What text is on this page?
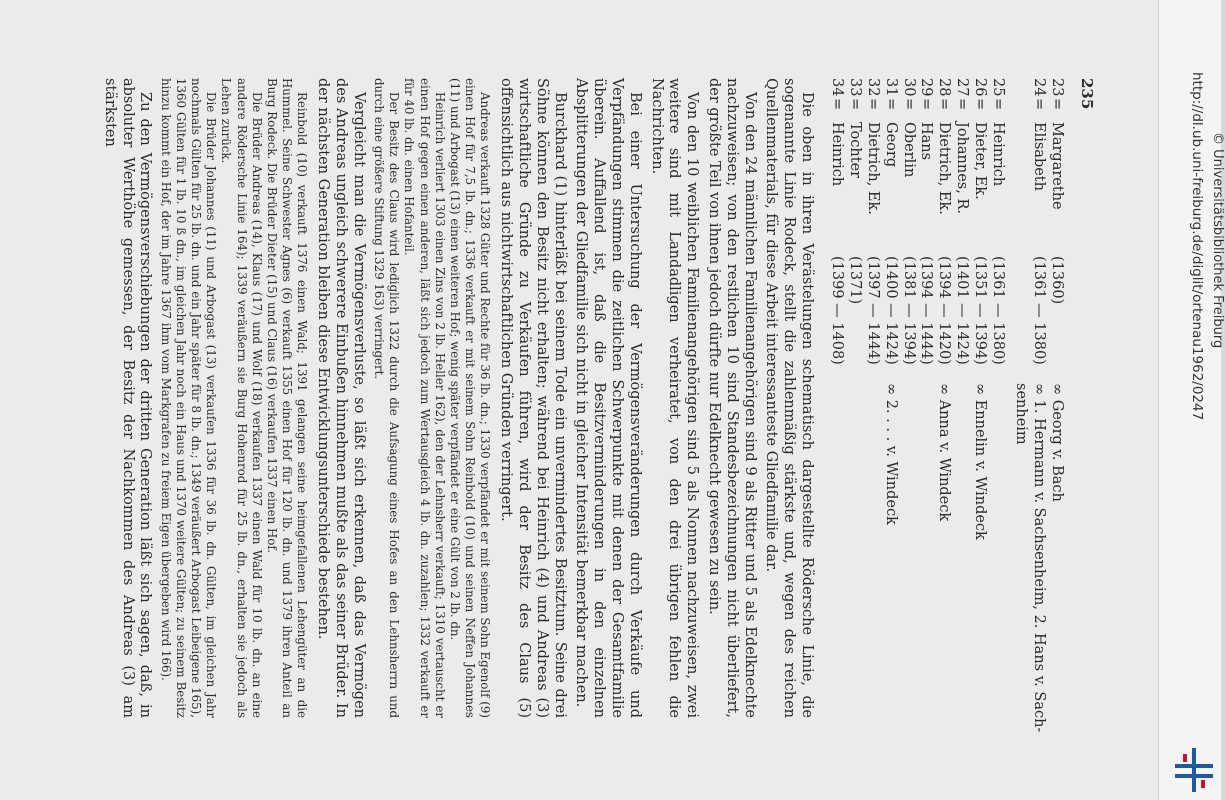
235
23
=
Margarethe
(1360)
∞ Georg v. Bach
24
=
Elisabeth
(1361 — 1380)
∞ 1. Hermann v. Sachsenheim, 2. Hans v. Sach-
senheim
25
=
Heinrich
(1361 — 1380)
26
=
Dieter, Ek.
(1351 — 1394)
∞ Ennelin v. Windeck
27
=
Johannes, R.
(1401 — 1424)
28
=
Dietrich, Ek.
(1394 — 1420)
∞ Anna v. Windeck
29
=
Hans
(1394 — 1444)
30
=
Oberlin
(1381 — 1394)
31
=
Georg
(1400 — 1424)
∞ 2. . . . v. Windeck
32
=
Dietrich, Ek.
(1397 — 1444)
33
=
Tochter
(1371)
34
=
Heinrich
(1399 — 1408)

Die oben in ihren Verästelungen schematisch dargestellte Rödersche Linie, die sogenannte Linie Rodeck, stellt die zahlenmäßig stärkste und, wegen des reichen Quellenmaterials, für diese Arbeit interessanteste Gliedfamilie dar.

Von den 24 männlichen Familienangehörigen sind 9 als Ritter und 5 als Edelknechte nachzuweisen; von den restlichen 10 sind Standesbezeichnungen nicht überliefert, der größte Teil von ihnen jedoch dürfte nur Edelknecht gewesen zu sein.

Von den 10 weiblichen Familienangehörigen sind 5 als Nonnen nachzuweisen, zwei weitere sind mit Landadligen verheiratet, von den drei übrigen fehlen die Nachrichten.

Bei einer Untersuchung der Vermögensveränderungen durch Verkäufe und Verpfändungen stimmen die zeitlichen Schwerpunkte mit denen der Gesamtfamilie überein. Auffallend ist, daß die Besitzverminderungen in den einzelnen Absplitterungen der Gliedfamilie sich nicht in gleicher Intensität bemerkbar machen.

Burckhard (1) hinterläßt bei seinem Tode ein unvermindertes Besitztum. Seine drei Söhne können den Besitz nicht erhalten; während bei Heinrich (4) und Andreas (3) wirtschaftliche Gründe zu Verkäufen führen, wird der Besitz des Claus (5) offensichtlich aus nichtwirtschaftlichen Gründen verringert.

Andreas verkauft 1328 Güter und Rechte für 36 lb. dn.; 1330 verpfändet er mit seinem Sohn Egenolf (9) einen Hof für 7,5 lb. dn.; 1336 verkauft er mit seinem Sohn Reinbold (10) und seinen Neffen Johannes (11) und Arbogast (13) einen weiteren Hof; wenig später verpfändet er eine Gült von 2 lb. dn.

Heinrich verliert 1303 einen Zins von 2 lb. Heller 162), den der Lehnsherr verkauft; 1310 vertauscht er einen Hof gegen einen anderen, läßt sich jedoch zum Wertausgleich 4 lb. dn. zuzahlen; 1332 verkauft er für 40 lb. dn. einen Hofanteil.

Der Besitz des Claus wird lediglich 1322 durch die Aufsagung eines Hofes an den Lehnsherrn und durch eine größere Stiftung 1329 163) verringert.

Vergleicht man die Vermögensverluste, so läßt sich erkennen, daß das Vermögen des Andreas ungleich schwerere Einbußen hinnehmen mußte als das seiner Brüder. In der nächsten Generation bleiben diese Entwicklungsunterschiede bestehen.

Reinbold (10) verkauft 1376 einen Wald; 1391 gelangen seine heimgefallenen Lehengüter an die Hummel. Seine Schwester Agnes (6) verkauft 1355 einen Hof für 120 lb. dn. und 1379 ihren Anteil an Burg Rodeck. Die Brüder Dieter (15) und Claus (16) verkaufen 1337 einen Hof.

Die Brüder Andreas (14), Klaus (17) und Wolf (18) verkaufen 1337 einen Wald für 10 lb. dn. an eine andere Rödersche Linie 164); 1339 veräußern sie Burg Hohenrod für 25 lb. dn., erhalten sie jedoch als Lehen zurück.

Die Brüder Johannes (11) und Arbogast (13) verkaufen 1336 für 36 lb. dn. Gülten, im gleichen Jahr nochmals Gülten für 25 lb. dn. und ein Jahr später für 8 lb. dn.; 1349 veräußert Arbogast Leibeigene 165), 1360 Gülten für 1 lb. 10 ß dn., im gleichen Jahr noch ein Haus und 1370 weitere Gülten; zu seinem Besitz hinzu kommt ein Hof, der im Jahre 1367 ihm vom Markgrafen zu freiem Eigen übergeben wird 166).

Zu den Vermögensverschiebungen der dritten Generation läßt sich sagen, daß, in absoluter Werthöhe gemessen, der Besitz der Nachkommen des Andreas (3) am stärksten	http://dl.ub.uni-freiburg.de/diglit/ortenau1962/0247 © Universitätsbibliothek Freiburg
